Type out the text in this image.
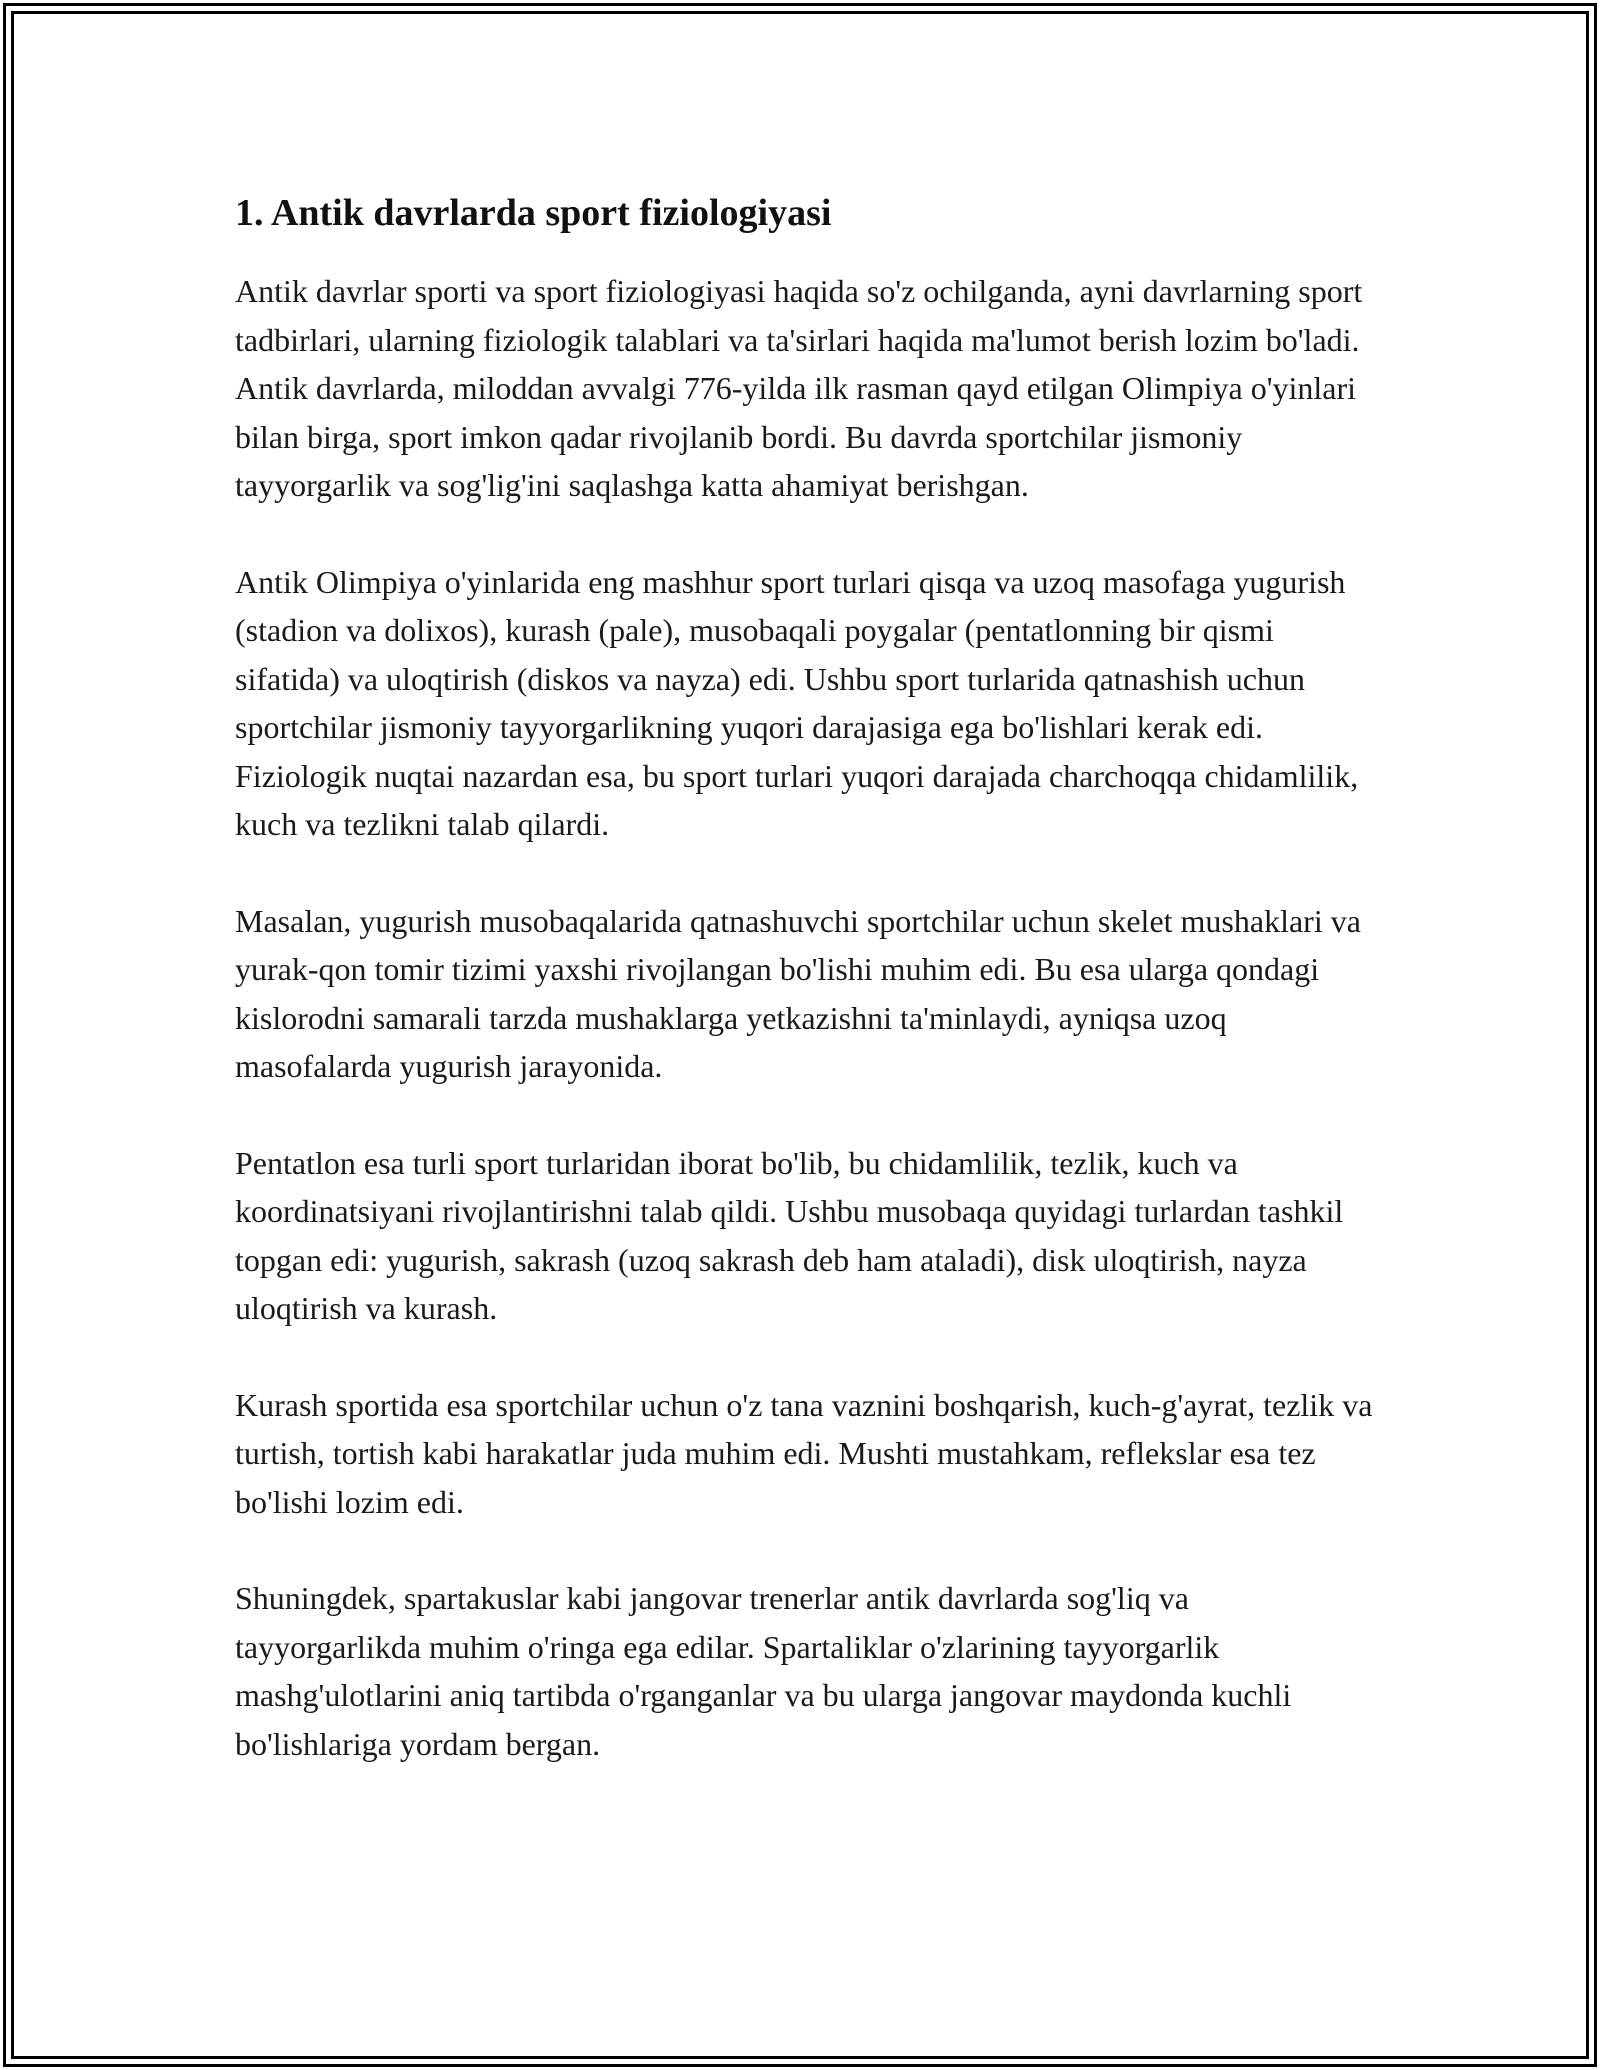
1. Antik davrlarda sport fiziologiyasi

Antik davrlar sporti va sport fiziologiyasi haqida so'z ochilganda, ayni davrlarning sport tadbirlari, ularning fiziologik talablari va ta'sirlari haqida ma'lumot berish lozim bo'ladi. Antik davrlarda, miloddan avvalgi 776-yilda ilk rasman qayd etilgan Olimpiya o'yinlari bilan birga, sport imkon qadar rivojlanib bordi. Bu davrda sportchilar jismoniy tayyorgarlik va sog'lig'ini saqlashga katta ahamiyat berishgan.

Antik Olimpiya o'yinlarida eng mashhur sport turlari qisqa va uzoq masofaga yugurish (stadion va dolixos), kurash (pale), musobaqali poygalar (pentatlonning bir qismi sifatida) va uloqtirish (diskos va nayza) edi. Ushbu sport turlarida qatnashish uchun sportchilar jismoniy tayyorgarlikning yuqori darajasiga ega bo'lishlari kerak edi. Fiziologik nuqtai nazardan esa, bu sport turlari yuqori darajada charchoqqa chidamlilik, kuch va tezlikni talab qilardi.

Masalan, yugurish musobaqalarida qatnashuvchi sportchilar uchun skelet mushaklari va yurak-qon tomir tizimi yaxshi rivojlangan bo'lishi muhim edi. Bu esa ularga qondagi kislorodni samarali tarzda mushaklarga yetkazishni ta'minlaydi, ayniqsa uzoq masofalarda yugurish jarayonida.

Pentatlon esa turli sport turlaridan iborat bo'lib, bu chidamlilik, tezlik, kuch va koordinatsiyani rivojlantirishni talab qildi. Ushbu musobaqa quyidagi turlardan tashkil topgan edi: yugurish, sakrash (uzoq sakrash deb ham ataladi), disk uloqtirish, nayza uloqtirish va kurash.

Kurash sportida esa sportchilar uchun o'z tana vaznini boshqarish, kuch-g'ayrat, tezlik va turtish, tortish kabi harakatlar juda muhim edi. Mushti mustahkam, reflekslar esa tez bo'lishi lozim edi.

Shuningdek, spartakuslar kabi jangovar trenerlar antik davrlarda sog'liq va tayyorgarlikda muhim o'ringa ega edilar. Spartaliklar o'zlarining tayyorgarlik mashg'ulotlarini aniq tartibda o'rganganlar va bu ularga jangovar maydonda kuchli bo'lishlariga yordam bergan.
